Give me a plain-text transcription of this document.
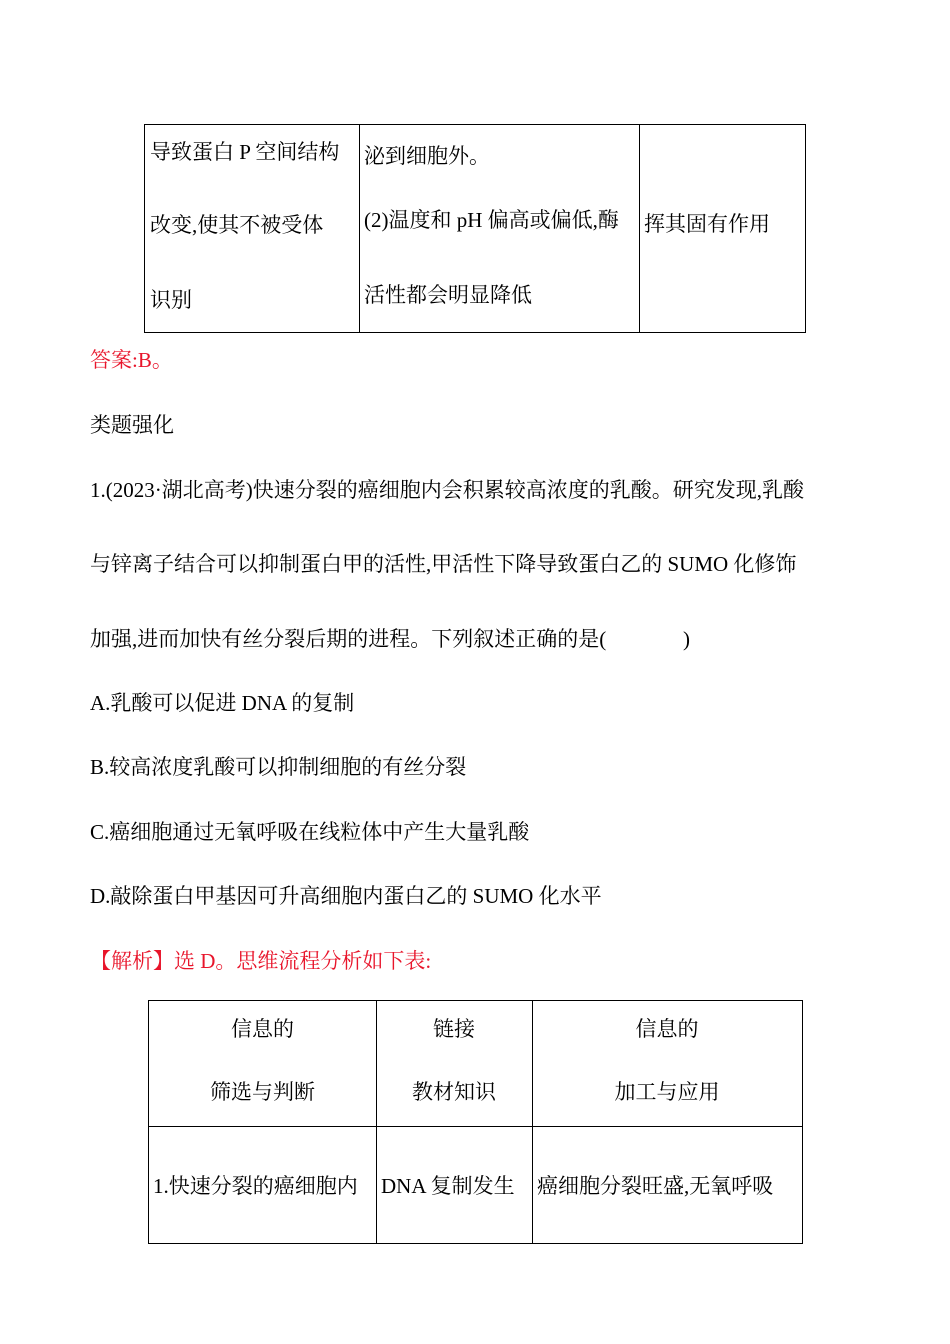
导致蛋白 P 空间结构
改变,使其不被受体
识别
泌到细胞外。
(2)温度和 pH 偏高或偏低,酶
活性都会明显降低
挥其固有作用
答案:B。
类题强化
1.(2023·湖北高考)快速分裂的癌细胞内会积累较高浓度的乳酸。研究发现,乳酸
与锌离子结合可以抑制蛋白甲的活性,甲活性下降导致蛋白乙的 SUMO 化修饰
加强,进而加快有丝分裂后期的进程。下列叙述正确的是(	)
A.乳酸可以促进 DNA 的复制
B.较高浓度乳酸可以抑制细胞的有丝分裂
C.癌细胞通过无氧呼吸在线粒体中产生大量乳酸
D.敲除蛋白甲基因可升高细胞内蛋白乙的 SUMO 化水平
【解析】选 D。思维流程分析如下表:
信息的
筛选与判断
链接
教材知识
信息的
加工与应用
1.快速分裂的癌细胞内 DNA 复制发生 癌细胞分裂旺盛,无氧呼吸
